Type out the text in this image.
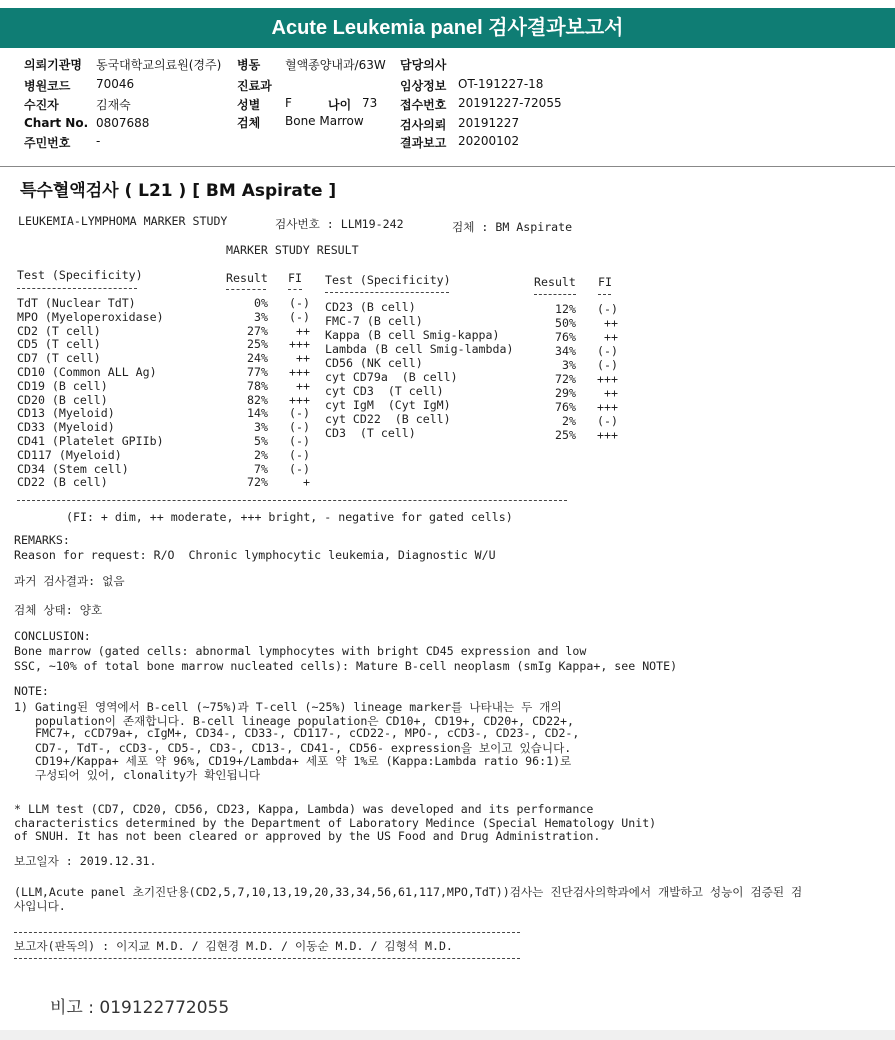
Acute Leukemia panel 검사결과보고서
의뢰기관명 동국대학교의료원(경주)
병원코드 70046
수진자	김재숙
Chart No. 0807688
주민번호 -
병동 혈액종양내과/63W
진료과
성별 F	나이 73
검체 Bone Marrow
담당의사
임상정보 OT-191227-18
접수번호 20191227-72055
검사의뢰 20191227
결과보고 20200102
특수혈액검사 ( L21 ) [ BM Aspirate ]
LEUKEMIA-LYMPHOMA MARKER STUDY	검사번호 : LLM19-242	검체 : BM Aspirate
MARKER STUDY RESULT
Test (Specificity)	Result FI Test (Specificity)	Result FI
TdT (Nuclear TdT)	0%	(-)
MPO (Myeloperoxidase)	3%	(-)
CD2 (T cell)	27%	++
CD5 (T cell)	25%	+++
CD7 (T cell)	24%	++
CD10 (Common ALL Ag)	77%	+++
CD19 (B cell)	78%	++
CD20 (B cell)	82%	+++
CD13 (Myeloid)	14%	(-)
CD33 (Myeloid)	3%	(-)
CD41 (Platelet GPIIb)	5%	(-)
CD117 (Myeloid)	2%	(-)
CD34 (Stem cell)	7%	(-)
CD22 (B cell)	72%	+
CD23 (B cell)	12%	(-)
FMC-7 (B cell)	50%	++
Kappa (B cell Smig-kappa)	76%	++
Lambda (B cell Smig-lambda)	34%	(-)
CD56 (NK cell)	3%	(-)
cyt CD79a  (B cell)	72%	+++
cyt CD3  (T cell)	29%	++
cyt IgM  (Cyt IgM)	76%	+++
cyt CD22  (B cell)	2%	(-)
CD3  (T cell)	25%	+++
(FI: + dim, ++ moderate, +++ bright, - negative for gated cells)
REMARKS:
Reason for request: R/O  Chronic lymphocytic leukemia, Diagnostic W/U
과거 검사결과: 없음
검체 상태: 양호
CONCLUSION:
Bone marrow (gated cells: abnormal lymphocytes with bright CD45 expression and low
SSC, ~10% of total bone marrow nucleated cells): Mature B-cell neoplasm (smIg Kappa+, see NOTE)
NOTE:
1) Gating된 영역에서 B-cell (~75%)과 T-cell (~25%) lineage marker를 나타내는 두 개의
population이 존재합니다. B-cell lineage population은 CD10+, CD19+, CD20+, CD22+,
FMC7+, cCD79a+, cIgM+, CD34-, CD33-, CD117-, cCD22-, MPO-, cCD3-, CD23-, CD2-,
CD7-, TdT-, cCD3-, CD5-, CD3-, CD13-, CD41-, CD56- expression을 보이고 있습니다.
CD19+/Kappa+ 세포 약 96%, CD19+/Lambda+ 세포 약 1%로 (Kappa:Lambda ratio 96:1)로
구성되어 있어, clonality가 확인됩니다
* LLM test (CD7, CD20, CD56, CD23, Kappa, Lambda) was developed and its performance
characteristics determined by the Department of Laboratory Medince (Special Hematology Unit)
of SNUH. It has not been cleared or approved by the US Food and Drug Administration.
보고일자 : 2019.12.31.
(LLM,Acute panel 초기진단용(CD2,5,7,10,13,19,20,33,34,56,61,117,MPO,TdT))검사는 진단검사의학과에서 개발하고 성능이 검증된 검
사입니다.
보고자(판독의) : 이지교 M.D. / 김현경 M.D. / 이동순 M.D. / 김형석 M.D.
비고 : 019122772055
